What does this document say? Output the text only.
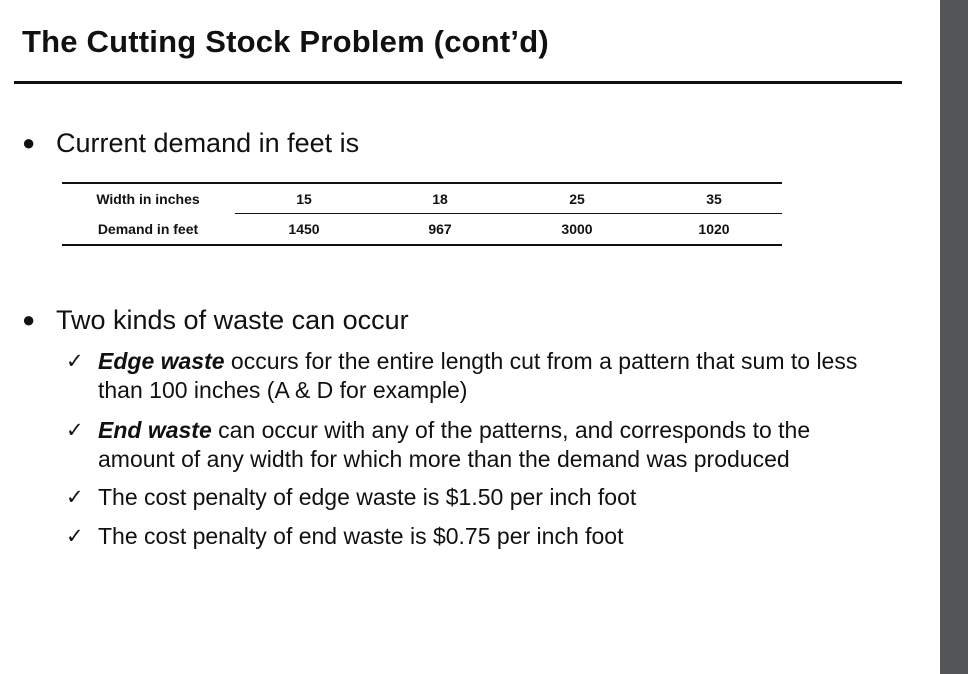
The Cutting Stock Problem (cont’d)
● Current demand in feet is
Width in inches	15	18	25	35
Demand in feet	1450	967	3000	1020
● Two kinds of waste can occur
✓ Edge waste occurs for the entire length cut from a pattern that sum to less than 100 inches (A & D for example)
✓ End waste can occur with any of the patterns, and corresponds to the amount of any width for which more than the demand was produced
✓ The cost penalty of edge waste is $1.50 per inch foot
✓ The cost penalty of end waste is $0.75 per inch foot
